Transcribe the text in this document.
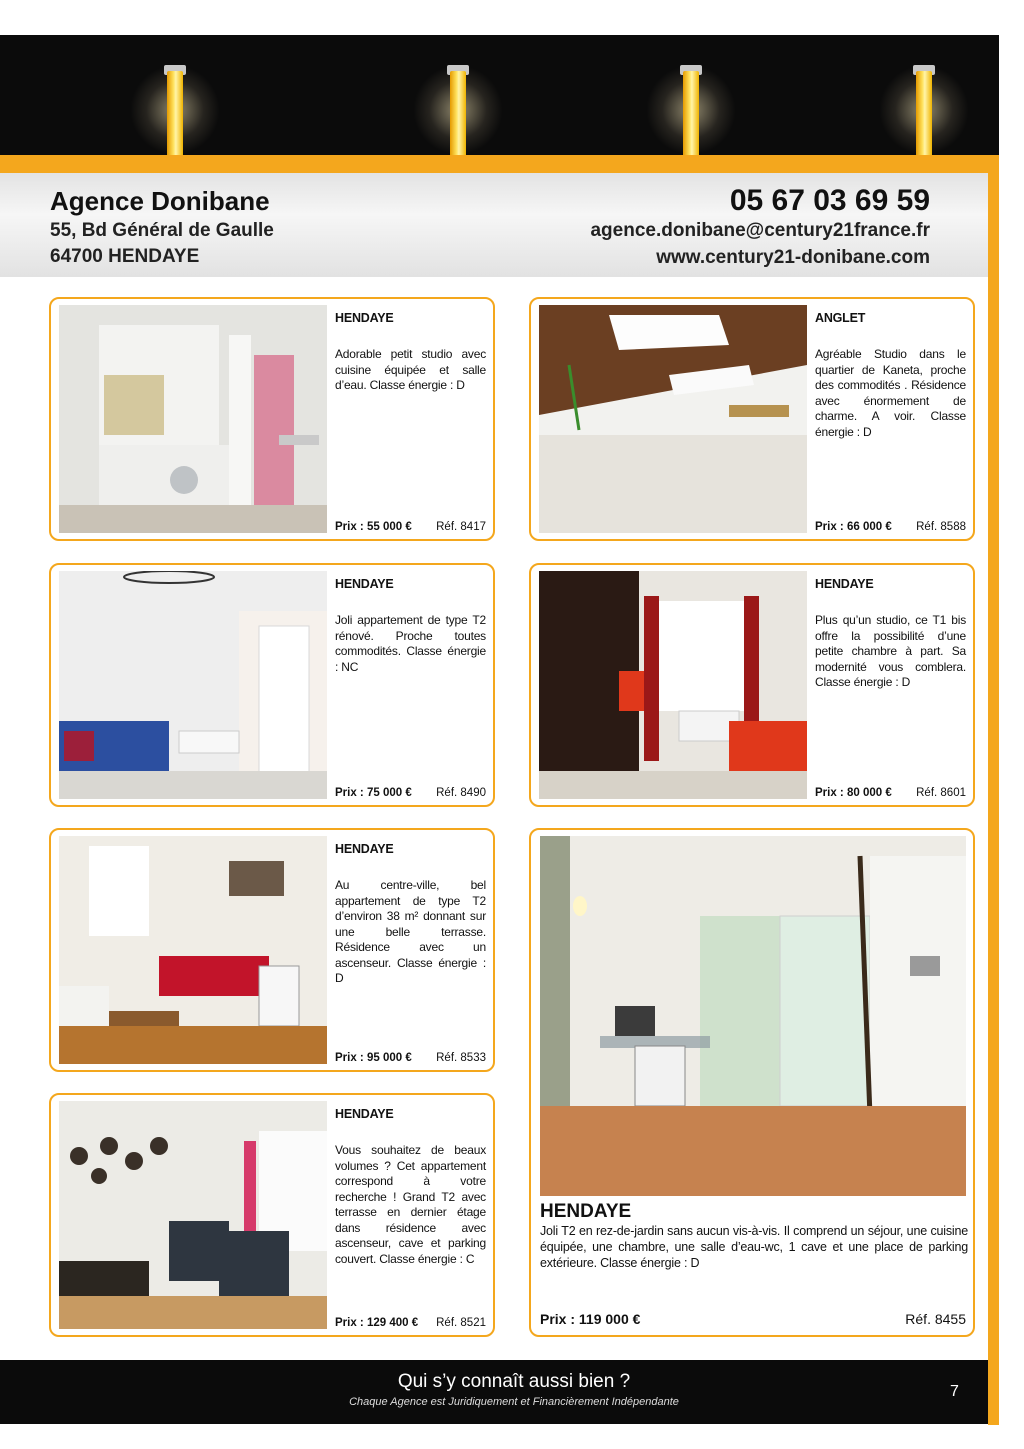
Agence Donibane
55, Bd Général de Gaulle
64700 HENDAYE
05 67 03 69 59
agence.donibane@century21france.fr
www.century21-donibane.com
HENDAYE
Adorable petit studio avec cuisine équipée et salle d’eau. Classe énergie : D
Prix : 55 000 € Réf. 8417
ANGLET
Agréable Studio dans le quartier de Kaneta, proche des commodités . Résidence avec énormement de charme. A voir. Classe énergie : D
Prix : 66 000 € Réf. 8588
HENDAYE
Joli appartement de type T2 rénové. Proche toutes commodités. Classe énergie : NC
Prix : 75 000 € Réf. 8490
HENDAYE
Plus qu’un studio, ce T1 bis offre la possibilité d’une petite chambre à part. Sa modernité vous comblera. Classe énergie : D
Prix : 80 000 € Réf. 8601
HENDAYE
Au centre-ville, bel appartement de type T2 d’environ 38 m² donnant sur une belle terrasse. Résidence avec un ascenseur. Classe énergie : D
Prix : 95 000 € Réf. 8533
HENDAYE
Vous souhaitez de beaux volumes ? Cet appartement correspond à votre recherche ! Grand T2 avec terrasse en dernier étage dans résidence avec ascenseur, cave et parking couvert. Classe énergie : C
Prix : 129 400 € Réf. 8521
HENDAYE
Joli T2 en rez-de-jardin sans aucun vis-à-vis. Il comprend un séjour, une cuisine équipée, une chambre, une salle d’eau-wc, 1 cave et une place de parking extérieure. Classe énergie : D
Prix : 119 000 €	Réf. 8455
Qui s’y connaît aussi bien ?
Chaque Agence est Juridiquement et Financièrement Indépendante
7
